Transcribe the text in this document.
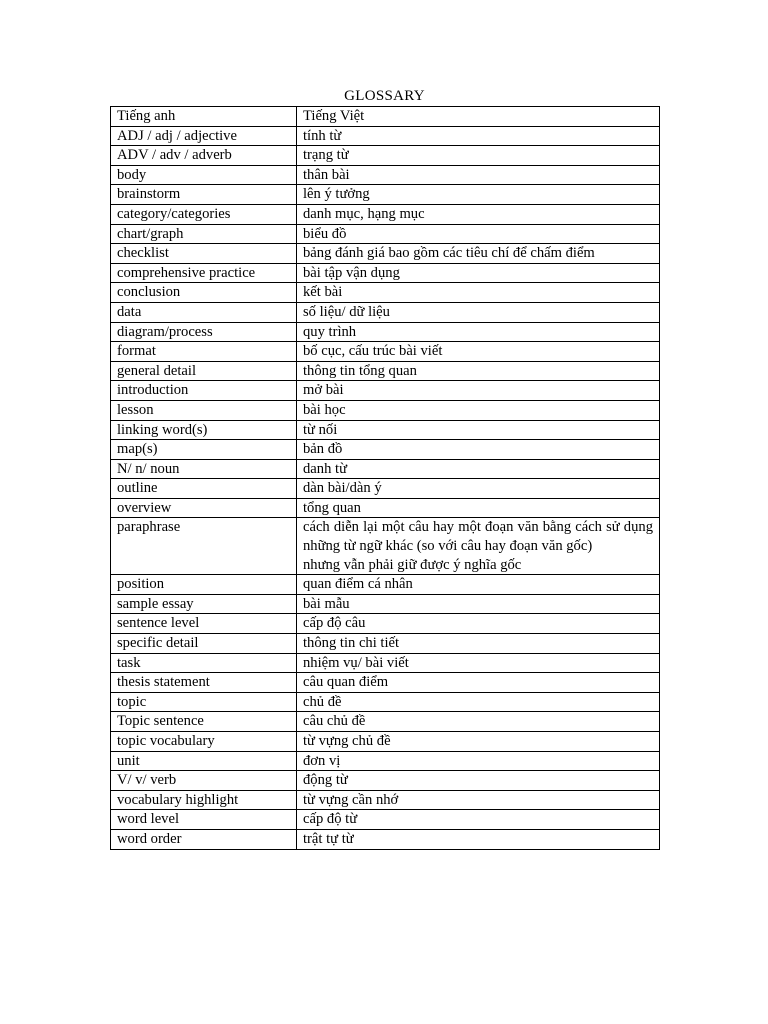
GLOSSARY
Tiếng anh	Tiếng Việt
ADJ / adj / adjective	tính từ
ADV / adv / adverb	trạng từ
body	thân bài
brainstorm	lên ý tưởng
category/categories	danh mục, hạng mục
chart/graph	biểu đồ
checklist	bảng đánh giá bao gồm các tiêu chí để chấm điểm
comprehensive practice	bài tập vận dụng
conclusion	kết bài
data	số liệu/ dữ liệu
diagram/process	quy trình
format	bố cục, cấu trúc bài viết
general detail	thông tin tổng quan
introduction	mở bài
lesson	bài học
linking word(s)	từ nối
map(s)	bản đồ
N/ n/ noun	danh từ
outline	dàn bài/dàn ý
overview	tổng quan
paraphrase	cách diễn lại một câu hay một đoạn văn bằng cách sử dụng những từ ngữ khác (so với câu hay đoạn văn gốc)
nhưng vẫn phải giữ được ý nghĩa gốc

position	quan điểm cá nhân
sample essay	bài mẫu
sentence level	cấp độ câu
specific detail	thông tin chi tiết
task	nhiệm vụ/ bài viết
thesis statement	câu quan điểm
topic	chủ đề
Topic sentence	câu chủ đề
topic vocabulary	từ vựng chủ đề
unit	đơn vị
V/ v/ verb	động từ
vocabulary highlight	từ vựng cần nhớ
word level	cấp độ từ
word order	trật tự từ
